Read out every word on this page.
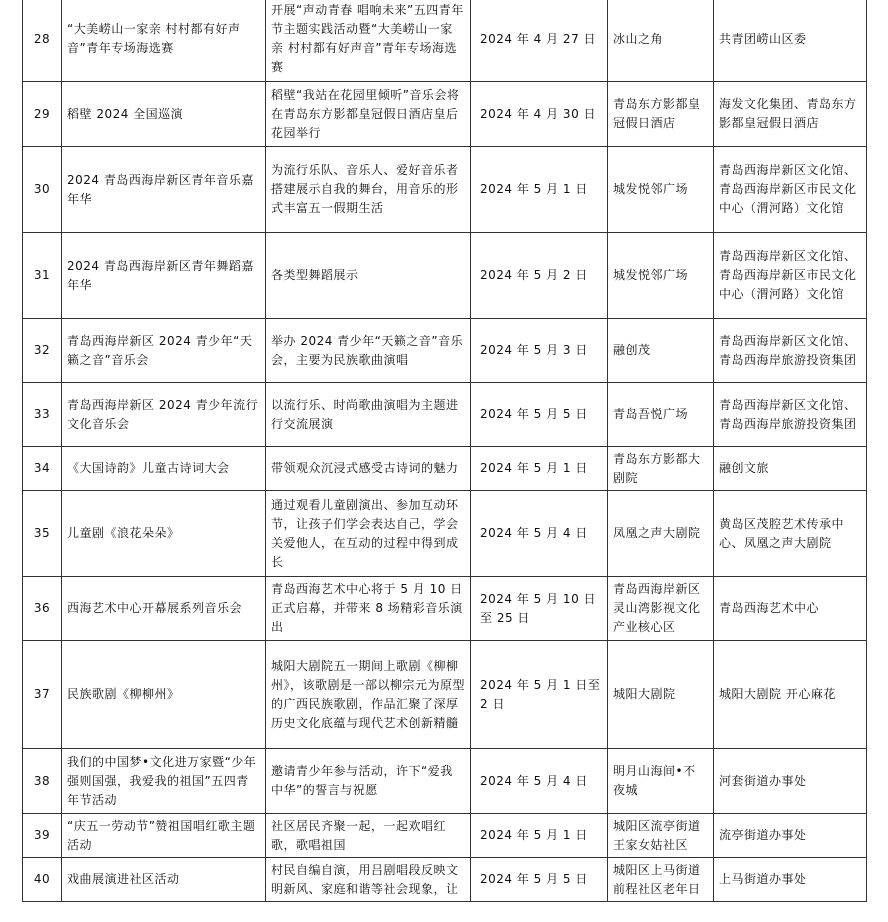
28	“大美崂山一家亲 村村都有好声音”青年专场海选赛	开展“声动青春 唱响未来”五四青年节主题实践活动暨“大美崂山一家亲 村村都有好声音”青年专场海选赛	2024 年 4 月 27 日	冰山之角	共青团崂山区委
29	稻壁 2024 全国巡演	稻壁“我站在花园里倾听”音乐会将在青岛东方影都皇冠假日酒店皇后花园举行	2024 年 4 月 30 日	青岛东方影都皇冠假日酒店	海发文化集团、青岛东方影都皇冠假日酒店
30	2024 青岛西海岸新区青年音乐嘉年华	为流行乐队、音乐人、爱好音乐者搭建展示自我的舞台，用音乐的形式丰富五一假期生活	2024 年 5 月 1 日	城发悦邻广场	青岛西海岸新区文化馆、青岛西海岸新区市民文化中心（渭河路）文化馆
31	2024 青岛西海岸新区青年舞蹈嘉年华	各类型舞蹈展示	2024 年 5 月 2 日	城发悦邻广场	青岛西海岸新区文化馆、青岛西海岸新区市民文化中心（渭河路）文化馆
32	青岛西海岸新区 2024 青少年“天籁之音”音乐会	举办 2024 青少年“天籁之音”音乐会，主要为民族歌曲演唱	2024 年 5 月 3 日	融创茂	青岛西海岸新区文化馆、青岛西海岸旅游投资集团
33	青岛西海岸新区 2024 青少年流行文化音乐会	以流行乐、时尚歌曲演唱为主题进行交流展演	2024 年 5 月 5 日	青岛吾悦广场	青岛西海岸新区文化馆、青岛西海岸旅游投资集团
34	《大国诗韵》儿童古诗词大会	带领观众沉浸式感受古诗词的魅力	2024 年 5 月 1 日	青岛东方影都大剧院	融创文旅
35	儿童剧《浪花朵朵》	通过观看儿童剧演出、参加互动环节，让孩子们学会表达自己，学会关爱他人，在互动的过程中得到成长	2024 年 5 月 4 日	凤凰之声大剧院	黄岛区茂腔艺术传承中心、凤凰之声大剧院
36	西海艺术中心开幕展系列音乐会	青岛西海艺术中心将于 5 月 10 日正式启幕，并带来 8 场精彩音乐演出	2024 年 5 月 10 日至 25 日	青岛西海岸新区灵山湾影视文化产业核心区	青岛西海艺术中心
37	民族歌剧《柳柳州》	城阳大剧院五一期间上歌剧《柳柳州》，该歌剧是一部以柳宗元为原型的广西民族歌剧，作品汇聚了深厚历史文化底蕴与现代艺术创新精髓	2024 年 5 月 1 日至 2 日	城阳大剧院	城阳大剧院 开心麻花
38	我们的中国梦•文化进万家暨“少年强则国强，我爱我的祖国”五四青年节活动	邀请青少年参与活动，许下“爱我中华”的誓言与祝愿	2024 年 5 月 4 日	明月山海间•不夜城	河套街道办事处
39	“庆五一劳动节”赞祖国唱红歌主题活动	社区居民齐聚一起，一起欢唱红歌，歌唱祖国	2024 年 5 月 1 日	城阳区流亭街道王家女姑社区	流亭街道办事处
40	戏曲展演进社区活动	村民自编自演，用吕剧唱段反映文明新风、家庭和谐等社会现象，让	2024 年 5 月 5 日	城阳区上马街道前程社区老年日	上马街道办事处
